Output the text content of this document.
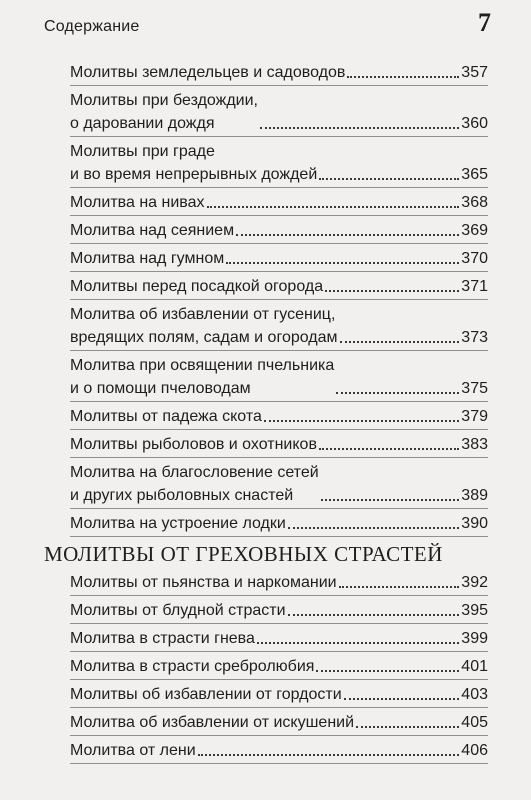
Содержание	7
Молитвы земледельцев и садоводов	357
Молитвы при бездождии,
о даровании дождя	360
Молитвы при граде
и во время непрерывных дождей	365
Молитва на нивах	368
Молитва над сеянием	369
Молитва над гумном	370
Молитвы перед посадкой огорода	371
Молитва об избавлении от гусениц,
вредящих полям, садам и огородам	373
Молитва при освящении пчельника
и о помощи пчеловодам	375
Молитвы от падежа скота	379
Молитвы рыболовов и охотников	383
Молитва на благословение сетей
и других рыболовных снастей	389
Молитва на устроение лодки	390
МОЛИТВЫ ОТ ГРЕХОВНЫХ СТРАСТЕЙ
Молитвы от пьянства и наркомании	392
Молитвы от блудной страсти	395
Молитва в страсти гнева	399
Молитва в страсти сребролюбия	401
Молитвы об избавлении от гордости	403
Молитва об избавлении от искушений	405
Молитва от лени	406
